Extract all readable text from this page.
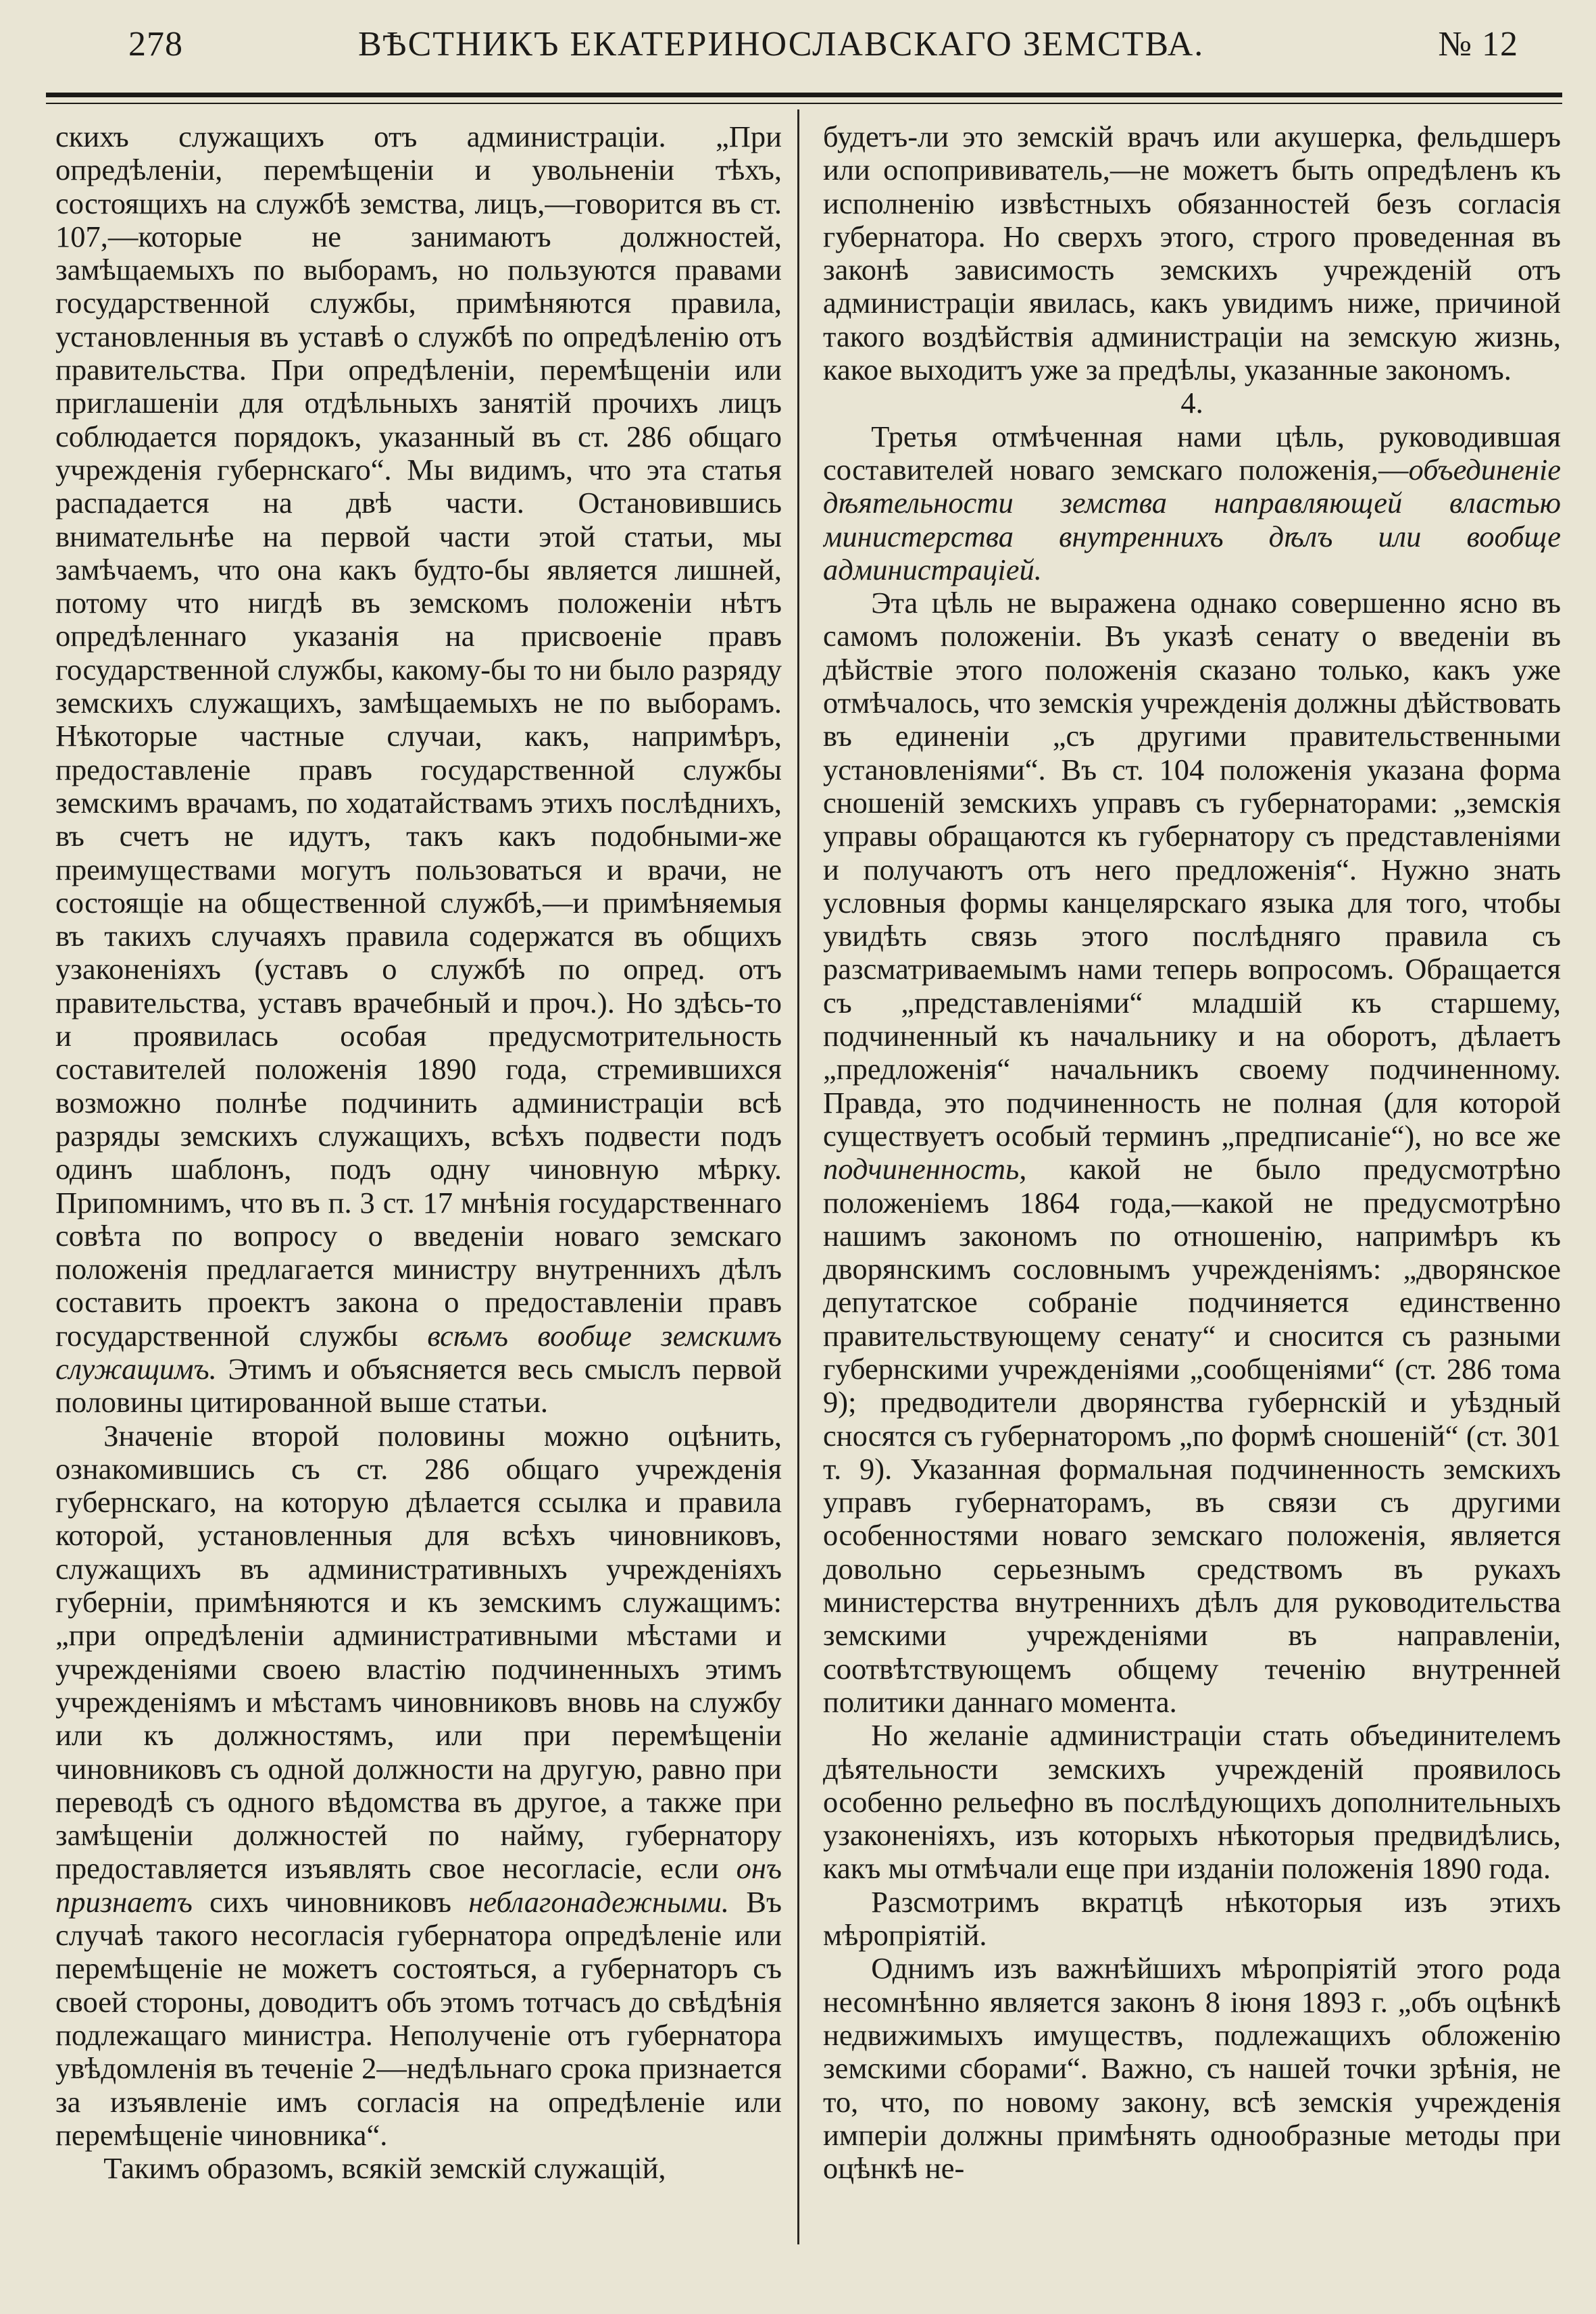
278	ВѢСТНИКЪ ЕКАТЕРИНОСЛАВСКАГО ЗЕМСТВА.	№ 12

скихъ служащихъ отъ администраціи. „При опредѣленіи, перемѣщеніи и увольненіи тѣхъ, состоящихъ на службѣ земства, лицъ,—говорится въ ст. 107,—которые не занимаютъ должностей, замѣщаемыхъ по выборамъ, но пользуются правами государственной службы, примѣняются правила, установленныя въ уставѣ о службѣ по опредѣленію отъ правительства. При опредѣленіи, перемѣщеніи или приглашеніи для отдѣльныхъ занятій прочихъ лицъ соблюдается порядокъ, указанный въ ст. 286 общаго учрежденія губернскаго“. Мы видимъ, что эта статья распадается на двѣ части. Остановившись внимательнѣе на первой части этой статьи, мы замѣчаемъ, что она какъ будто-бы является лишней, потому что нигдѣ въ земскомъ положеніи нѣтъ опредѣленнаго указанія на присвоеніе правъ государственной службы, какому-бы то ни было разряду земскихъ служащихъ, замѣщаемыхъ не по выборамъ. Нѣкоторые частные случаи, какъ, напримѣръ, предоставленіе правъ государственной службы земскимъ врачамъ, по ходатайствамъ этихъ послѣднихъ, въ счетъ не идутъ, такъ какъ подобными-же преимуществами могутъ пользоваться и врачи, не состоящіе на общественной службѣ,—и примѣняемыя въ такихъ случаяхъ правила содержатся въ общихъ узаконеніяхъ (уставъ о службѣ по опред. отъ правительства, уставъ врачебный и проч.). Но здѣсь-то и проявилась особая предусмотрительность составителей положенія 1890 года, стремившихся возможно полнѣе подчинить администраціи всѣ разряды земскихъ служащихъ, всѣхъ подвести подъ одинъ шаблонъ, подъ одну чиновную мѣрку. Припомнимъ, что въ п. 3 ст. 17 мнѣнія государственнаго совѣта по вопросу о введеніи новаго земскаго положенія предлагается министру внутреннихъ дѣлъ составить проектъ закона о предоставленіи правъ государственной службы всѣмъ вообще земскимъ служащимъ. Этимъ и объясняется весь смыслъ первой половины цитированной выше статьи.

Значеніе второй половины можно оцѣнить, ознакомившись съ ст. 286 общаго учрежденія губернскаго, на которую дѣлается ссылка и правила которой, установленныя для всѣхъ чиновниковъ, служащихъ въ административныхъ учрежденіяхъ губерніи, примѣняются и къ земскимъ служащимъ: „при опредѣленіи административными мѣстами и учрежденіями своею властію подчиненныхъ этимъ учрежденіямъ и мѣстамъ чиновниковъ вновь на службу или къ должностямъ, или при перемѣщеніи чиновниковъ съ одной должности на другую, равно при переводѣ съ одного вѣдомства въ другое, а также при замѣщеніи должностей по найму, губернатору предоставляется изъявлять свое несогласіе, если онъ признаетъ сихъ чиновниковъ неблагонадежными. Въ случаѣ такого несогласія губернатора опредѣленіе или перемѣщеніе не можетъ состояться, а губернаторъ съ своей стороны, доводитъ объ этомъ тотчасъ до свѣдѣнія подлежащаго министра. Неполученіе отъ губернатора увѣдомленія въ теченіе 2—недѣльнаго срока признается за изъявленіе имъ согласія на опредѣленіе или перемѣщеніе чиновника“.

Такимъ образомъ, всякій земскій служащій,

будетъ-ли это земскій врачъ или акушерка, фельдшеръ или оспопрививатель,—не можетъ быть опредѣленъ къ исполненію извѣстныхъ обязанностей безъ согласія губернатора. Но сверхъ этого, строго проведенная въ законѣ зависимость земскихъ учрежденій отъ администраціи явилась, какъ увидимъ ниже, причиной такого воздѣйствія администраціи на земскую жизнь, какое выходитъ уже за предѣлы, указанные закономъ.

4.

Третья отмѣченная нами цѣль, руководившая составителей новаго земскаго положенія,—объединеніе дѣятельности земства направляющей властью министерства внутреннихъ дѣлъ или вообще администраціей.

Эта цѣль не выражена однако совершенно ясно въ самомъ положеніи. Въ указѣ сенату о введеніи въ дѣйствіе этого положенія сказано только, какъ уже отмѣчалось, что земскія учрежденія должны дѣйствовать въ единеніи „съ другими правительственными установленіями“. Въ ст. 104 положенія указана форма сношеній земскихъ управъ съ губернаторами: „земскія управы обращаются къ губернатору съ представленіями и получаютъ отъ него предложенія“. Нужно знать условныя формы канцелярскаго языка для того, чтобы увидѣть связь этого послѣдняго правила съ разсматриваемымъ нами теперь вопросомъ. Обращается съ „представленіями“ младшій къ старшему, подчиненный къ начальнику и на оборотъ, дѣлаетъ „предложенія“ начальникъ своему подчиненному. Правда, это подчиненность не полная (для которой существуетъ особый терминъ „предписаніе“), но все же подчиненность, какой не было предусмотрѣно положеніемъ 1864 года,—какой не предусмотрѣно нашимъ закономъ по отношенію, напримѣръ къ дворянскимъ сословнымъ учрежденіямъ: „дворянское депутатское собраніе подчиняется единственно правительствующему сенату“ и сносится съ разными губернскими учрежденіями „сообщеніями“ (ст. 286 тома 9); предводители дворянства губернскій и уѣздный сносятся съ губернаторомъ „по формѣ сношеній“ (ст. 301 т. 9). Указанная формальная подчиненность земскихъ управъ губернаторамъ, въ связи съ другими особенностями новаго земскаго положенія, является довольно серьезнымъ средствомъ въ рукахъ министерства внутреннихъ дѣлъ для руководительства земскими учрежденіями въ направленіи, соотвѣтствующемъ общему теченію внутренней политики даннаго момента.

Но желаніе администраціи стать объединителемъ дѣятельности земскихъ учрежденій проявилось особенно рельефно въ послѣдующихъ дополнительныхъ узаконеніяхъ, изъ которыхъ нѣкоторыя предвидѣлись, какъ мы отмѣчали еще при изданіи положенія 1890 года.

Разсмотримъ вкратцѣ нѣкоторыя изъ этихъ мѣропріятій.

Однимъ изъ важнѣйшихъ мѣропріятій этого рода несомнѣнно является законъ 8 іюня 1893 г. „объ оцѣнкѣ недвижимыхъ имуществъ, подлежащихъ обложенію земскими сборами“. Важно, съ нашей точки зрѣнія, не то, что, по новому закону, всѣ земскія учрежденія имперіи должны примѣнять однообразные методы при оцѣнкѣ не-
